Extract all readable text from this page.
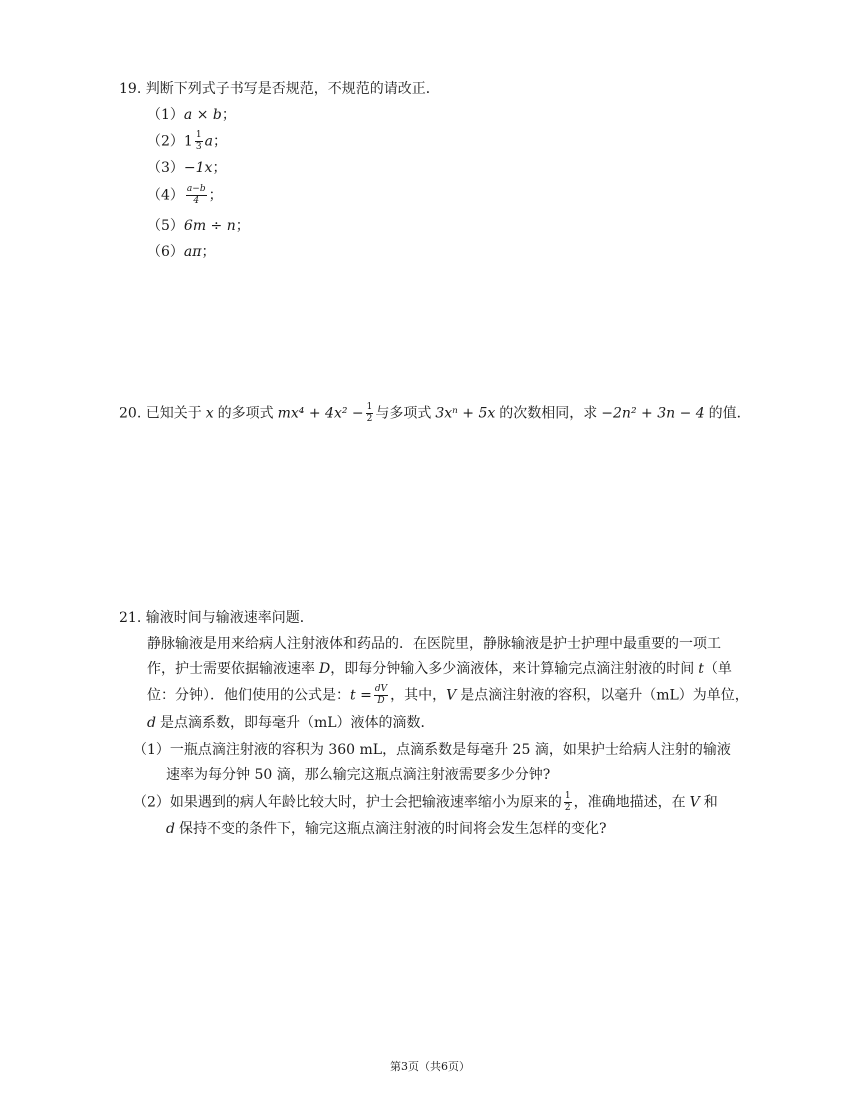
19. 判断下列式子书写是否规范，不规范的请改正．
（1）a × b；
$(2)1 \frac{1}{3}$ a；
（3）−1x；
$(4) \frac{a-b}{4}$ ；
（5）6m ÷ n；
（6）aπ；
20. 已知关于 x 的多项式 $mx^4 + 4x^2 - \frac{1}{2}$ 与多项式 3xⁿ + 5x 的次数相同，求 −2n² + 3n − 4 的值．
21. 输液时间与输液速率问题．
静脉输液是用来给病人注射液体和药品的．在医院里，静脉输液是护士护理中最重要的一项工
作，护士需要依据输液速率 D，即每分钟输入多少滴液体，来计算输完点滴注射液的时间 t（单
位：分钟）．他们使用的公式是：$t = \frac{dV}{D}$ ，其中，V 是点滴注射液的容积，以毫升（mL）为单位，
d 是点滴系数，即每毫升（mL）液体的滴数．
（1）一瓶点滴注射液的容积为 360 mL，点滴系数是每毫升 25 滴，如果护士给病人注射的输液
速率为每分钟 50 滴，那么输完这瓶点滴注射液需要多少分钟?
（2）如果遇到的病人年龄比较大时，护士会把输液速率缩小为原来的 $\frac{1}{2}$ ，准确地描述，在 V 和
d 保持不变的条件下，输完这瓶点滴注射液的时间将会发生怎样的变化?
第3页（共6页）
